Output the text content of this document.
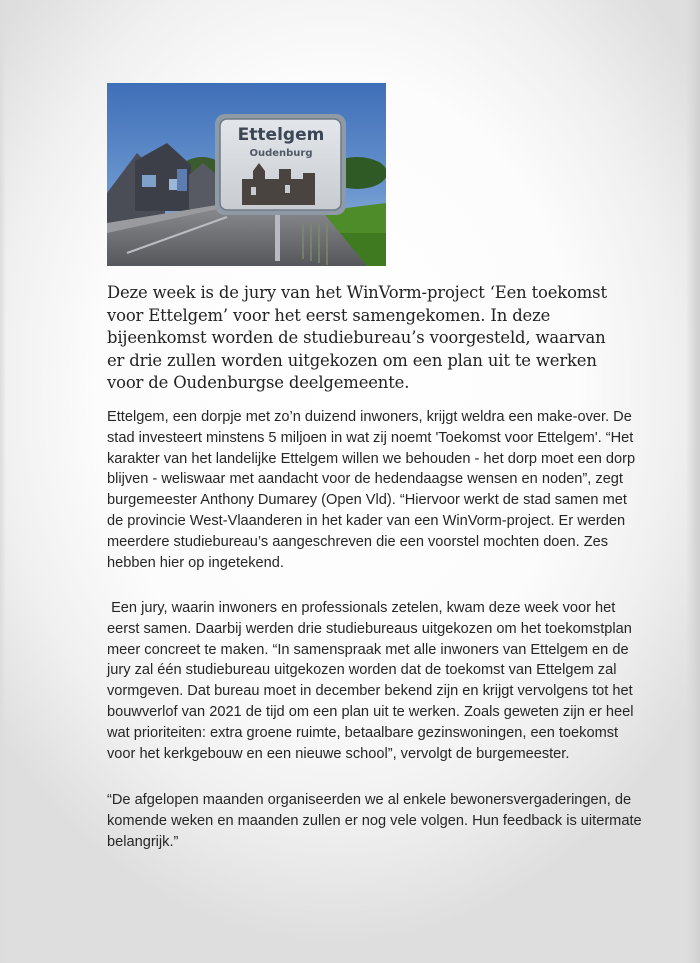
Ettelgem
Oudenburg

Deze week is de jury van het WinVorm-project ‘Een toekomst voor Ettelgem’ voor het eerst samengekomen. In deze bijeenkomst worden de studiebureau’s voorgesteld, waarvan er drie zullen worden uitgekozen om een plan uit te werken voor de Oudenburgse deelgemeente.

Ettelgem, een dorpje met zo’n duizend inwoners, krijgt weldra een make-over. De stad investeert minstens 5 miljoen in wat zij noemt 'Toekomst voor Ettelgem'. “Het karakter van het landelijke Ettelgem willen we behouden - het dorp moet een dorp blijven - weliswaar met aandacht voor de hedendaagse wensen en noden”, zegt burgemeester Anthony Dumarey (Open Vld). “Hiervoor werkt de stad samen met de provincie West-Vlaanderen in het kader van een WinVorm-project. Er werden meerdere studiebureau’s aangeschreven die een voorstel mochten doen. Zes hebben hier op ingetekend.

Een jury, waarin inwoners en professionals zetelen, kwam deze week voor het eerst samen. Daarbij werden drie studiebureaus uitgekozen om het toekomstplan meer concreet te maken. “In samenspraak met alle inwoners van Ettelgem en de jury zal één studiebureau uitgekozen worden dat de toekomst van Ettelgem zal vormgeven. Dat bureau moet in december bekend zijn en krijgt vervolgens tot het bouwverlof van 2021 de tijd om een plan uit te werken. Zoals geweten zijn er heel wat prioriteiten: extra groene ruimte, betaalbare gezinswoningen, een toekomst voor het kerkgebouw en een nieuwe school”, vervolgt de burgemeester.

“De afgelopen maanden organiseerden we al enkele bewonersvergaderingen, de komende weken en maanden zullen er nog vele volgen. Hun feedback is uitermate belangrijk.”
